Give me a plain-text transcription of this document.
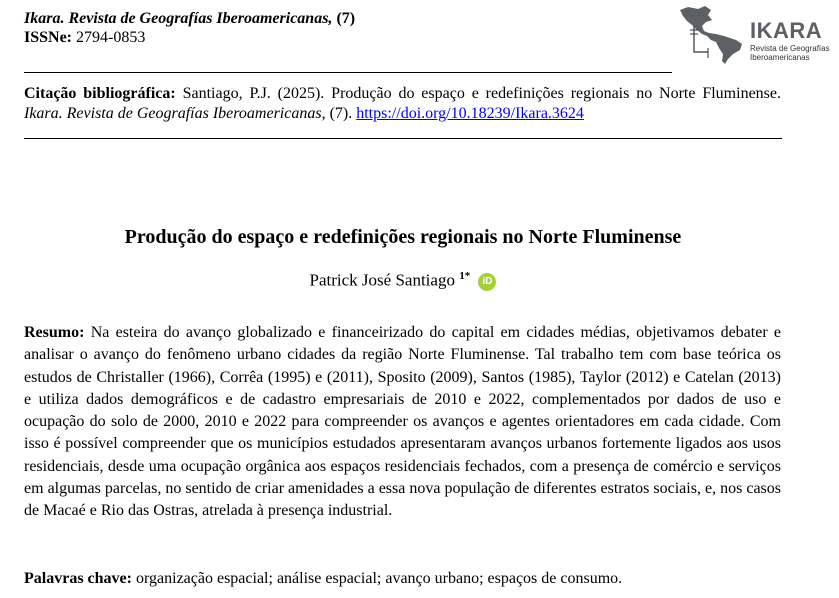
Ikara. Revista de Geografías Iberoamericanas, (7)
ISSNe: 2794-0853	IKARA
Revista de Geografías Iberoamericanas
Citação bibliográfica: Santiago, P.J. (2025). Produção do espaço e redefinições regionais no Norte Fluminense. Ikara. Revista de Geografías Iberoamericanas, (7). https://doi.org/10.18239/Ikara.3624
Produção do espaço e redefinições regionais no Norte Fluminense
Patrick José Santiago $^{1*}$ iD
Resumo: Na esteira do avanço globalizado e financeirizado do capital em cidades médias, objetivamos debater e analisar o avanço do fenômeno urbano cidades da região Norte Fluminense. Tal trabalho tem com base teórica os estudos de Christaller (1966), Corrêa (1995) e (2011), Sposito (2009), Santos (1985), Taylor (2012) e Catelan (2013) e utiliza dados demográficos e de cadastro empresariais de 2010 e 2022, complementados por dados de uso e ocupação do solo de 2000, 2010 e 2022 para compreender os avanços e agentes orientadores em cada cidade. Com isso é possível compreender que os municípios estudados apresentaram avanços urbanos fortemente ligados aos usos residenciais, desde uma ocupação orgânica aos espaços residenciais fechados, com a presença de comércio e serviços em algumas parcelas, no sentido de criar amenidades a essa nova população de diferentes estratos sociais, e, nos casos de Macaé e Rio das Ostras, atrelada à presença industrial.
Palavras chave: organização espacial; análise espacial; avanço urbano; espaços de consumo.
